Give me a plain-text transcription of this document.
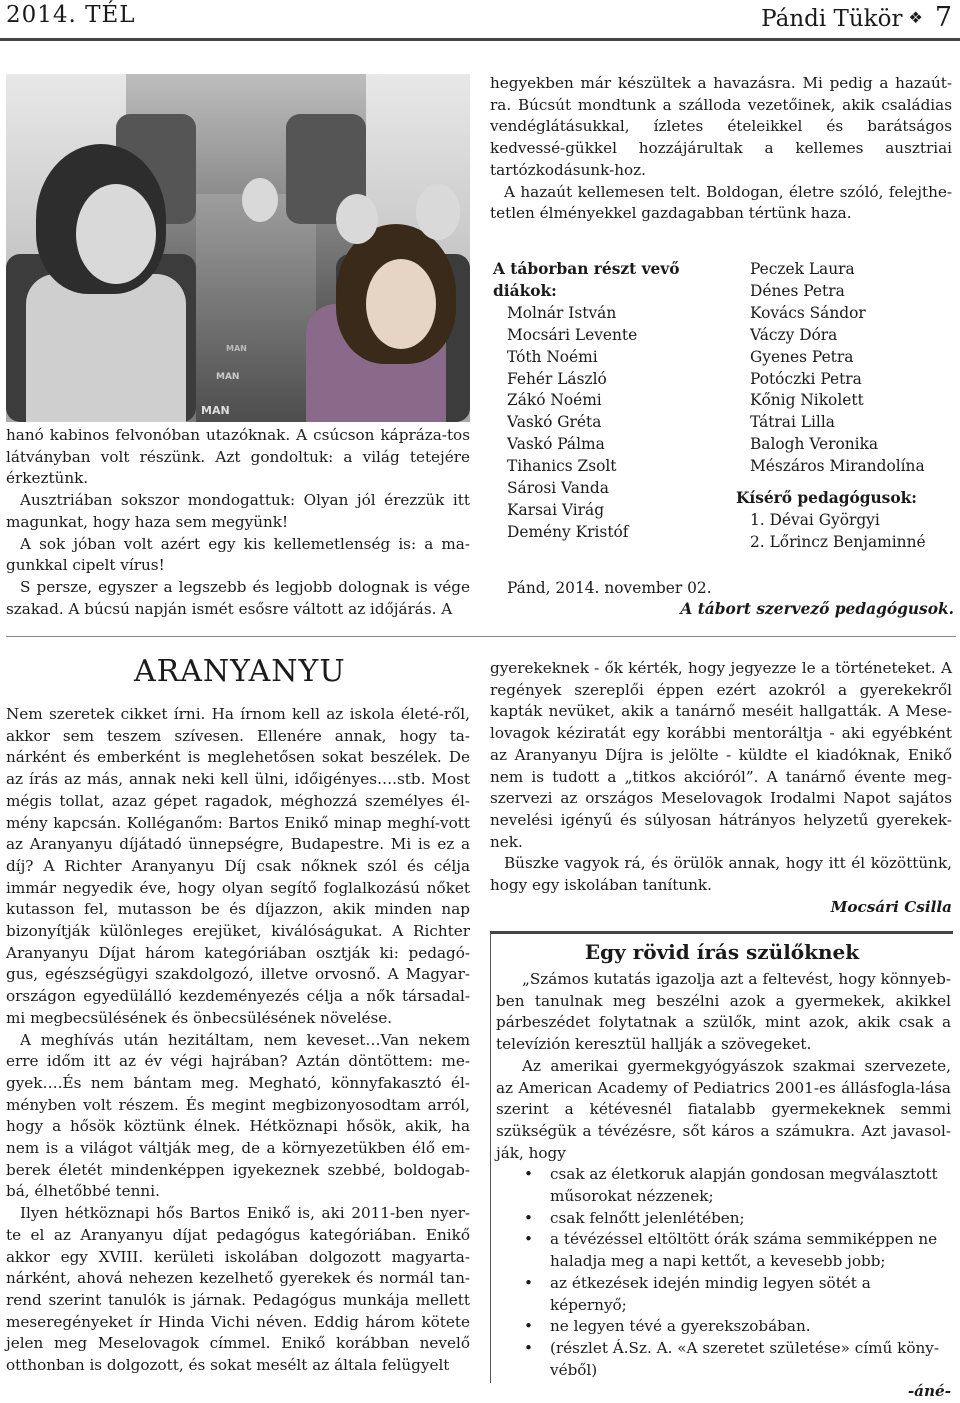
2014. TÉL	Pándi Tükör ❖ 7
MAN
MAN
MAN

hanó kabinos felvonóban utazóknak. A csúcson kápráza-tos látványban volt részünk. Azt gondoltuk: a világ tetejére érkeztünk.

Ausztriában sokszor mondogattuk: Olyan jól érezzük itt magunkat, hogy haza sem megyünk!

A sok jóban volt azért egy kis kellemetlenség is: a ma-gunkkal cipelt vírus!

S persze, egyszer a legszebb és legjobb dolognak is vége szakad. A búcsú napján ismét esősre váltott az időjárás. A

hegyekben már készültek a havazásra. Mi pedig a hazaút-ra. Búcsút mondtunk a szálloda vezetőinek, akik családias vendéglátásukkal, ízletes ételeikkel és barátságos kedvessé-gükkel hozzájárultak a kellemes ausztriai tartózkodásunk-hoz.

A hazaút kellemesen telt. Boldogan, életre szóló, felejthe-tetlen élményekkel gazdagabban tértünk haza.

A táborban részt vevő diákok:
Molnár István
Mocsári Levente
Tóth Noémi
Fehér László
Zákó Noémi
Vaskó Gréta
Vaskó Pálma
Tihanics Zsolt
Sárosi Vanda
Karsai Virág
Demény Kristóf
Peczek Laura
Dénes Petra
Kovács Sándor
Váczy Dóra
Gyenes Petra
Potóczki Petra
Kőnig Nikolett
Tátrai Lilla
Balogh Veronika
Mészáros Mirandolína
Kísérő pedagógusok:
1. Dévai Györgyi
2. Lőrincz Benjaminné
Pánd, 2014. november 02.
A tábort szervező pedagógusok.
ARANYANYU

Nem szeretek cikket írni. Ha írnom kell az iskola életé-ről, akkor sem teszem szívesen. Ellenére annak, hogy ta-nárként és emberként is meglehetősen sokat beszélek. De az írás az más, annak neki kell ülni, időigényes….stb. Most mégis tollat, azaz gépet ragadok, méghozzá személyes él-mény kapcsán. Kolléganőm: Bartos Enikő minap meghí-vott az Aranyanyu díjátadó ünnepségre, Budapestre. Mi is ez a díj? A Richter Aranyanyu Díj csak nőknek szól és célja immár negyedik éve, hogy olyan segítő foglalkozású nőket kutasson fel, mutasson be és díjazzon, akik minden nap bizonyítják különleges erejüket, kiválóságukat. A Richter Aranyanyu Díjat három kategóriában osztják ki: pedagó-gus, egészségügyi szakdolgozó, illetve orvosnő. A Magyar-országon egyedülálló kezdeményezés célja a nők társadal-mi megbecsülésének és önbecsülésének növelése.

A meghívás után hezitáltam, nem keveset…Van nekem erre időm itt az év végi hajrában? Aztán döntöttem: me-gyek….És nem bántam meg. Megható, könnyfakasztó él-ményben volt részem. És megint megbizonyosodtam arról, hogy a hősök köztünk élnek. Hétköznapi hősök, akik, ha nem is a világot váltják meg, de a környezetükben élő em-berek életét mindenképpen igyekeznek szebbé, boldogab-bá, élhetőbbé tenni.

Ilyen hétköznapi hős Bartos Enikő is, aki 2011-ben nyer-te el az Aranyanyu díjat pedagógus kategóriában. Enikő akkor egy XVIII. kerületi iskolában dolgozott magyarta-nárként, ahová nehezen kezelhető gyerekek és normál tan-rend szerint tanulók is járnak. Pedagógus munkája mellett meseregényeket ír Hinda Vichi néven. Eddig három kötete jelen meg Meselovagok címmel. Enikő korábban nevelő otthonban is dolgozott, és sokat mesélt az általa felügyelt

gyerekeknek - ők kérték, hogy jegyezze le a történeteket. A regények szereplői éppen ezért azokról a gyerekekről kapták nevüket, akik a tanárnő meséit hallgatták. A Mese-lovagok kéziratát egy korábbi mentoráltja - aki egyébként az Aranyanyu Díjra is jelölte - küldte el kiadóknak, Enikő nem is tudott a „titkos akcióról”. A tanárnő évente meg-szervezi az országos Meselovagok Irodalmi Napot sajátos nevelési igényű és súlyosan hátrányos helyzetű gyerekek-nek.

Büszke vagyok rá, és örülök annak, hogy itt él közöttünk, hogy egy iskolában tanítunk.

Mocsári Csilla
Egy rövid írás szülőknek

„Számos kutatás igazolja azt a feltevést, hogy könnyeb-ben tanulnak meg beszélni azok a gyermekek, akikkel párbeszédet folytatnak a szülők, mint azok, akik csak a televízión keresztül hallják a szövegeket.

Az amerikai gyermekgyógyászok szakmai szervezete, az American Academy of Pediatrics 2001-es állásfogla-lása szerint a kétévesnél fiatalabb gyermekeknek semmi szükségük a tévézésre, sőt káros a számukra. Azt javasol-ják, hogy

• csak az életkoruk alapján gondosan megválasztott műsorokat nézzenek;
• csak felnőtt jelenlétében;
• a tévézéssel eltöltött órák száma semmiképpen ne haladja meg a napi kettőt, a kevesebb jobb;
• az étkezések idején mindig legyen sötét a képernyő;
• ne legyen tévé a gyerekszobában.
• (részlet Á.Sz. A. «A szeretet születése» című köny-véből)
-áné-
